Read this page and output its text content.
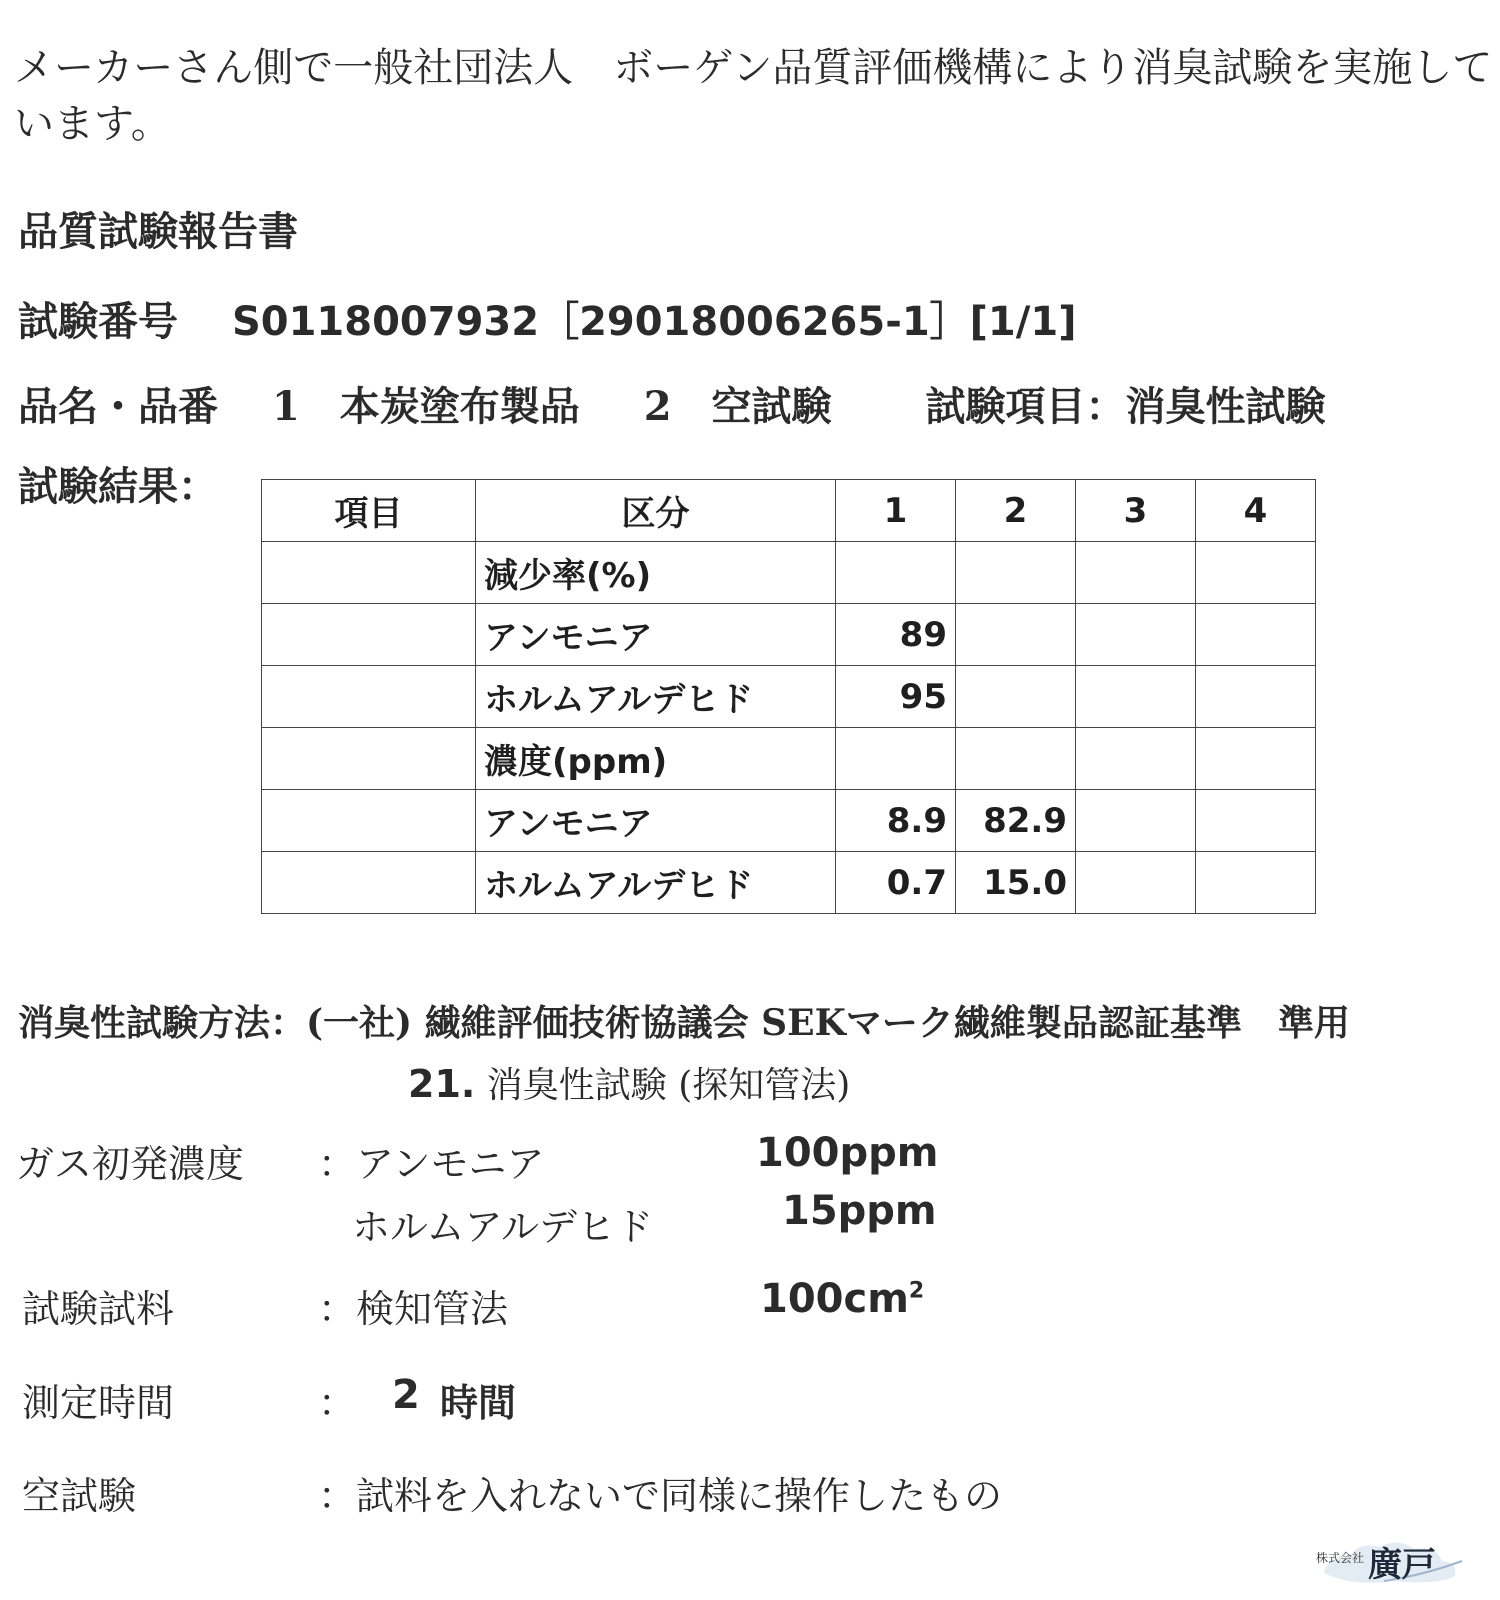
メーカーさん側で一般社団法人　ボーゲン品質評価機構により消臭試験を実施しています。
品質試験報告書
試験番号 S0118007932［29018006265-1］[1/1]
品名・品番 1　本炭塗布製品 2　空試験 試験項目：消臭性試験
試験結果：
項目	区分	1	2	3	4
	減少率(%)				
	アンモニア	89			
	ホルムアルデヒド	95			
	濃度(ppm)				
	アンモニア	8.9	82.9		
	ホルムアルデヒド	0.7	15.0		
消臭性試験方法：(一社) 繊維評価技術協議会 SEKマーク繊維製品認証基準　準用
21. 消臭性試験 (探知管法)
ガス初発濃度 ： アンモニア	100ppm
ホルムアルデヒド	15ppm
試験試料	： 検知管法	$100cm^2$
測定時間	： 2 時間
空試験	： 試料を入れないで同様に操作したもの
株式会社 廣戸
